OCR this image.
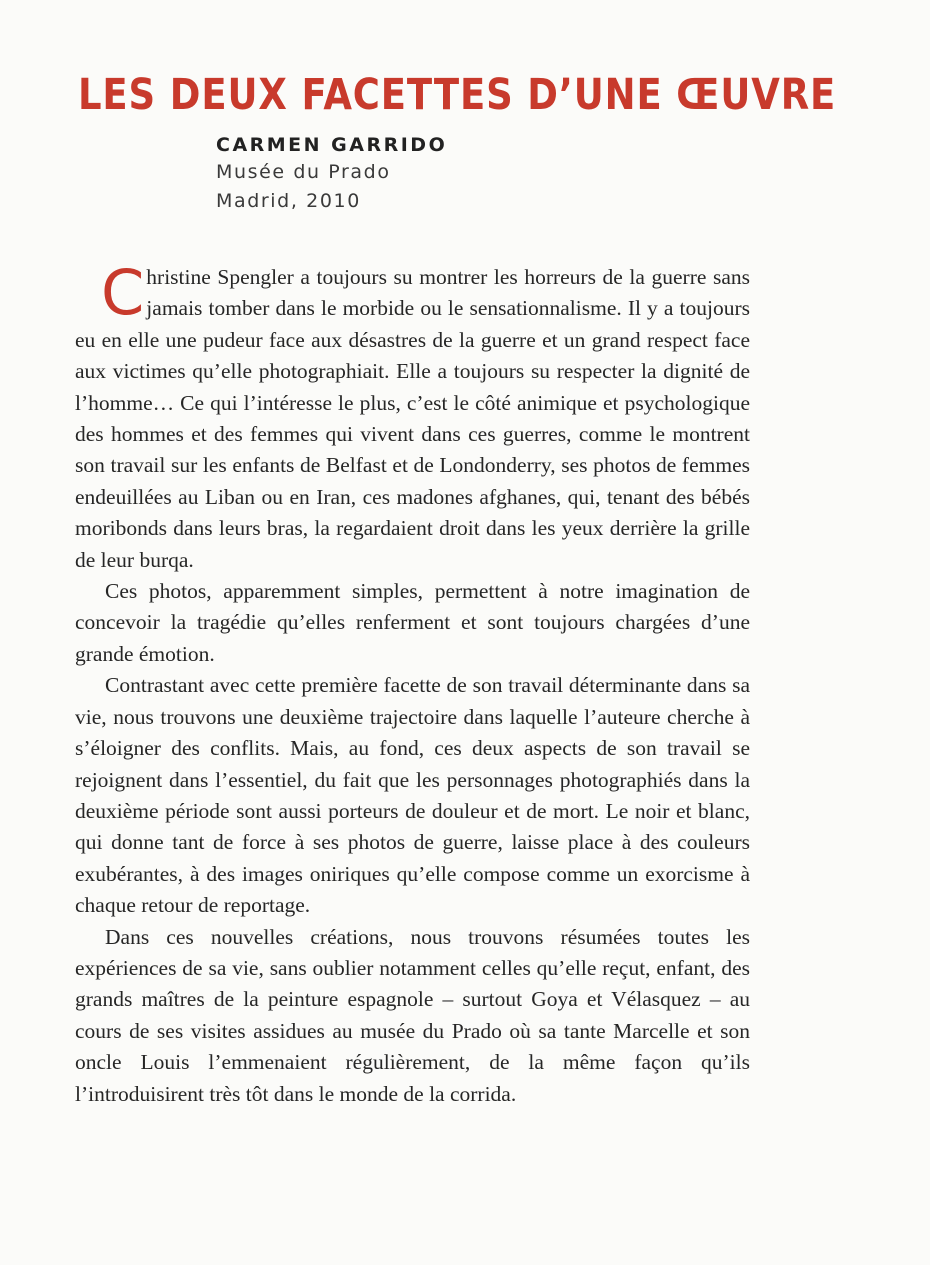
LES DEUX FACETTES D’UNE ŒUVRE
CARMEN GARRIDO
Musée du Prado
Madrid, 2010

Christine Spengler a toujours su montrer les horreurs de la guerre sans jamais tomber dans le morbide ou le sensationnalisme. Il y a toujours eu en elle une pudeur face aux désastres de la guerre et un grand respect face aux victimes qu’elle photographiait. Elle a toujours su respecter la dignité de l’homme… Ce qui l’intéresse le plus, c’est le côté animique et psychologique des hommes et des femmes qui vivent dans ces guerres, comme le montrent son travail sur les enfants de Belfast et de Londonderry, ses photos de femmes endeuillées au Liban ou en Iran, ces madones afghanes, qui, tenant des bébés moribonds dans leurs bras, la regardaient droit dans les yeux derrière la grille de leur burqa.

Ces photos, apparemment simples, permettent à notre imagination de concevoir la tragédie qu’elles renferment et sont toujours chargées d’une grande émotion.

Contrastant avec cette première facette de son travail déterminante dans sa vie, nous trouvons une deuxième trajectoire dans laquelle l’auteure cherche à s’éloigner des conflits. Mais, au fond, ces deux aspects de son travail se rejoignent dans l’essentiel, du fait que les personnages photographiés dans la deuxième période sont aussi porteurs de douleur et de mort. Le noir et blanc, qui donne tant de force à ses photos de guerre, laisse place à des couleurs exubérantes, à des images oniriques qu’elle compose comme un exorcisme à chaque retour de reportage.

Dans ces nouvelles créations, nous trouvons résumées toutes les expériences de sa vie, sans oublier notamment celles qu’elle reçut, enfant, des grands maîtres de la peinture espagnole – surtout Goya et Vélasquez – au cours de ses visites assidues au musée du Prado où sa tante Marcelle et son oncle Louis l’emmenaient régulièrement, de la même façon qu’ils l’introduisirent très tôt dans le monde de la corrida.
